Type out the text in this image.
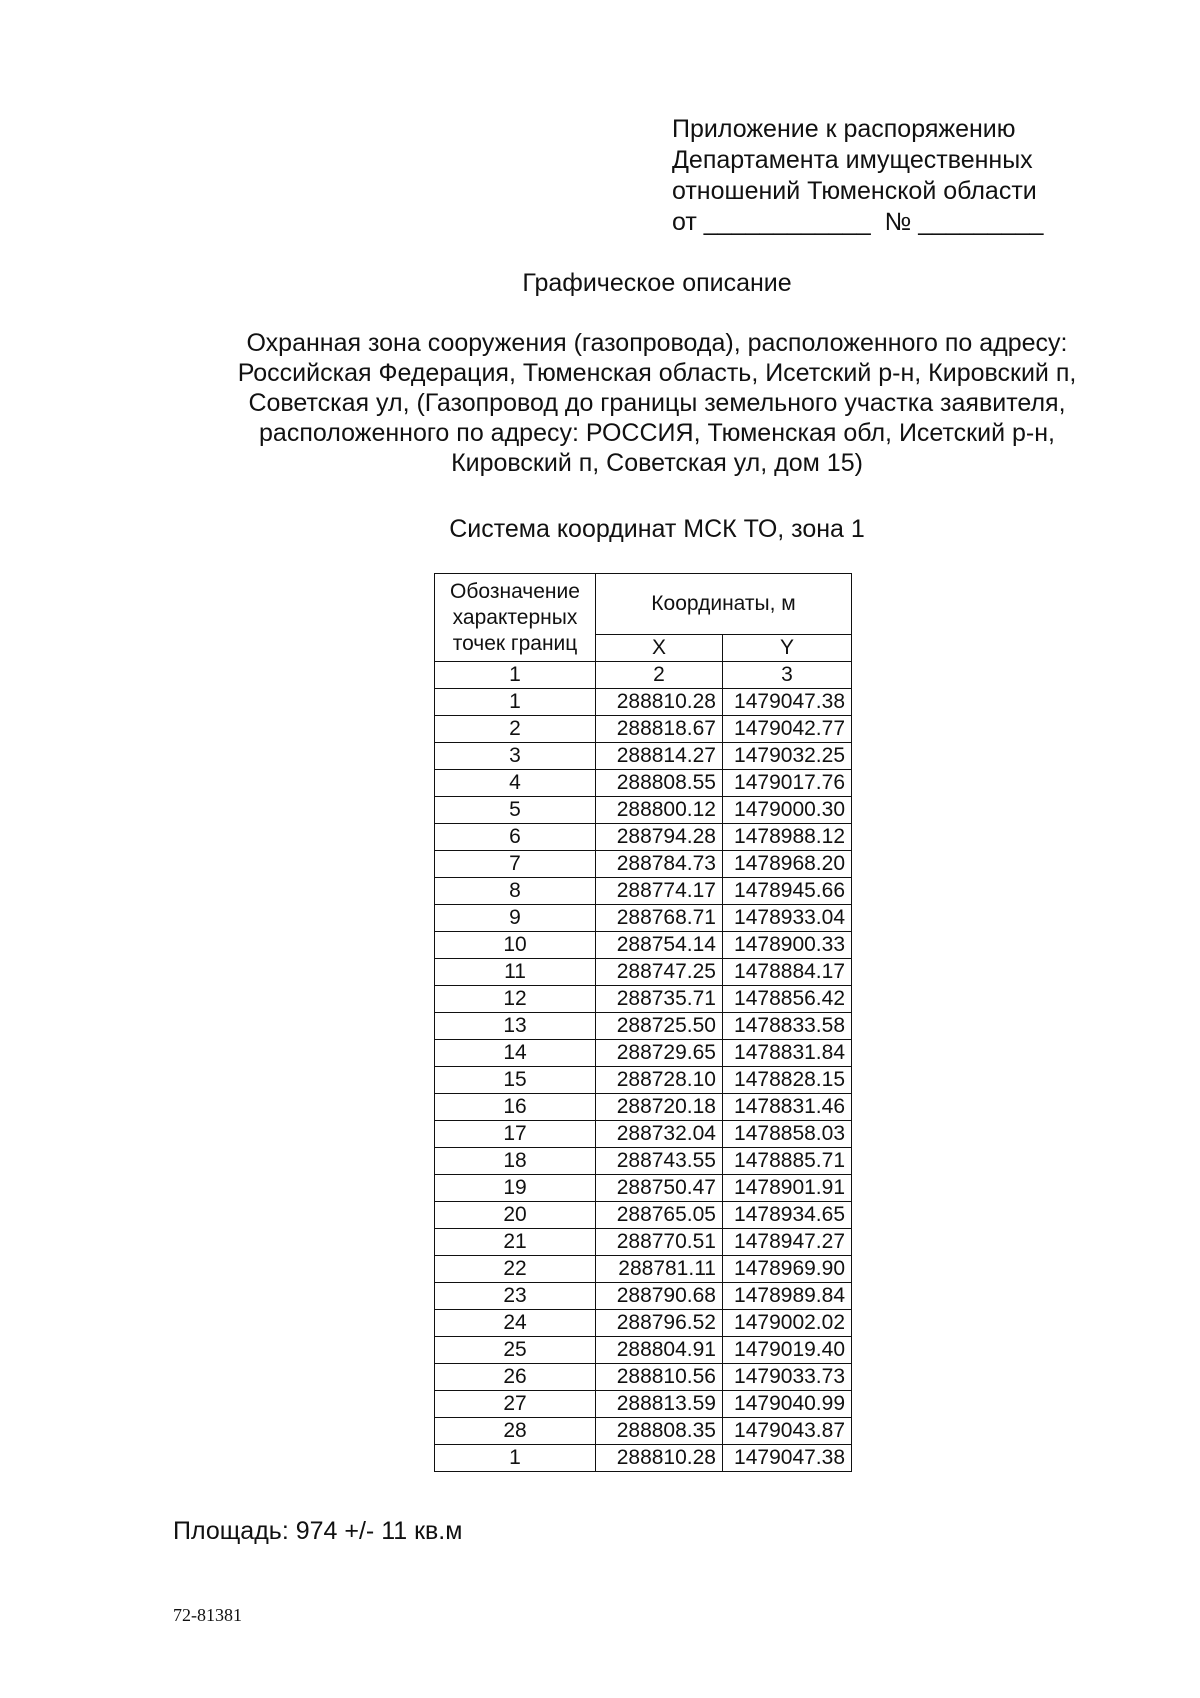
Приложение к распоряжению
Департамента имущественных
отношений Тюменской области
от ____________  № _________
Графическое описание
Охранная зона сооружения (газопровода), расположенного по адресу:
Российская Федерация, Тюменская область, Исетский р-н, Кировский п,
Советская ул, (Газопровод до границы земельного участка заявителя,
расположенного по адресу: РОССИЯ, Тюменская обл, Исетский р-н,
Кировский п, Советская ул, дом 15)
Система координат МСК ТО, зона 1
Обозначение характерных точек границ	Координаты, м	
	X	Y
1	2	3
1	288810.28	1479047.38
2	288818.67	1479042.77
3	288814.27	1479032.25
4	288808.55	1479017.76
5	288800.12	1479000.30
6	288794.28	1478988.12
7	288784.73	1478968.20
8	288774.17	1478945.66
9	288768.71	1478933.04
10	288754.14	1478900.33
11	288747.25	1478884.17
12	288735.71	1478856.42
13	288725.50	1478833.58
14	288729.65	1478831.84
15	288728.10	1478828.15
16	288720.18	1478831.46
17	288732.04	1478858.03
18	288743.55	1478885.71
19	288750.47	1478901.91
20	288765.05	1478934.65
21	288770.51	1478947.27
22	288781.11	1478969.90
23	288790.68	1478989.84
24	288796.52	1479002.02
25	288804.91	1479019.40
26	288810.56	1479033.73
27	288813.59	1479040.99
28	288808.35	1479043.87
1	288810.28	1479047.38
Площадь: 974 +/- 11 кв.м
72-81381
